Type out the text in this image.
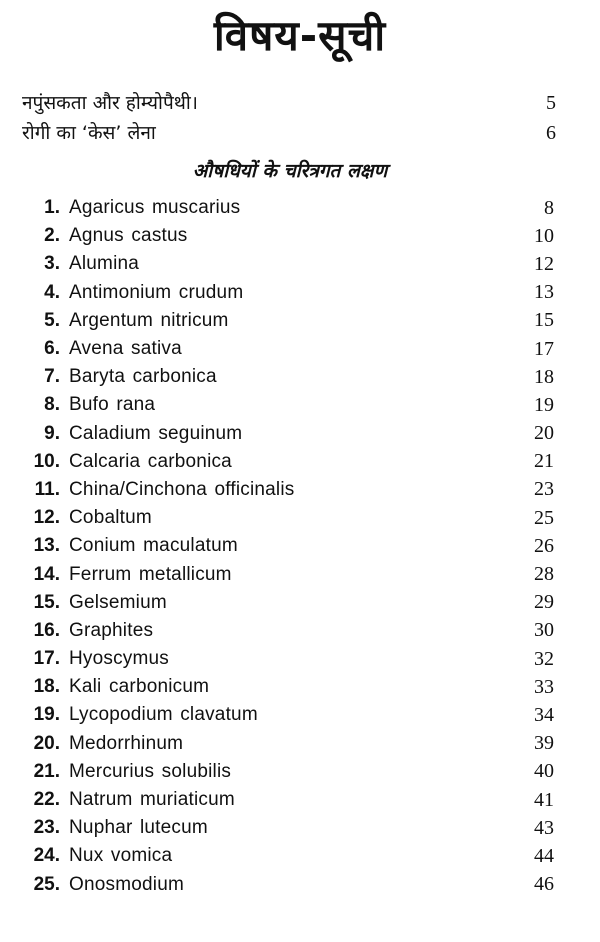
विषय-सूची
नपुंसकता और होम्योपैथी।	5
रोगी का ‘केस’ लेना	6
औषधियों के चरित्रगत लक्षण
1. Agaricus muscarius	8
2. Agnus castus	10
3. Alumina	12
4. Antimonium crudum	13
5. Argentum nitricum	15
6. Avena sativa	17
7. Baryta carbonica	18
8. Bufo rana	19
9. Caladium seguinum	20
10. Calcaria carbonica	21
11. China/Cinchona officinalis	23
12. Cobaltum	25
13. Conium maculatum	26
14. Ferrum metallicum	28
15. Gelsemium	29
16. Graphites	30
17. Hyoscymus	32
18. Kali carbonicum	33
19. Lycopodium clavatum	34
20. Medorrhinum	39
21. Mercurius solubilis	40
22. Natrum muriaticum	41
23. Nuphar lutecum	43
24. Nux vomica	44
25. Onosmodium	46
